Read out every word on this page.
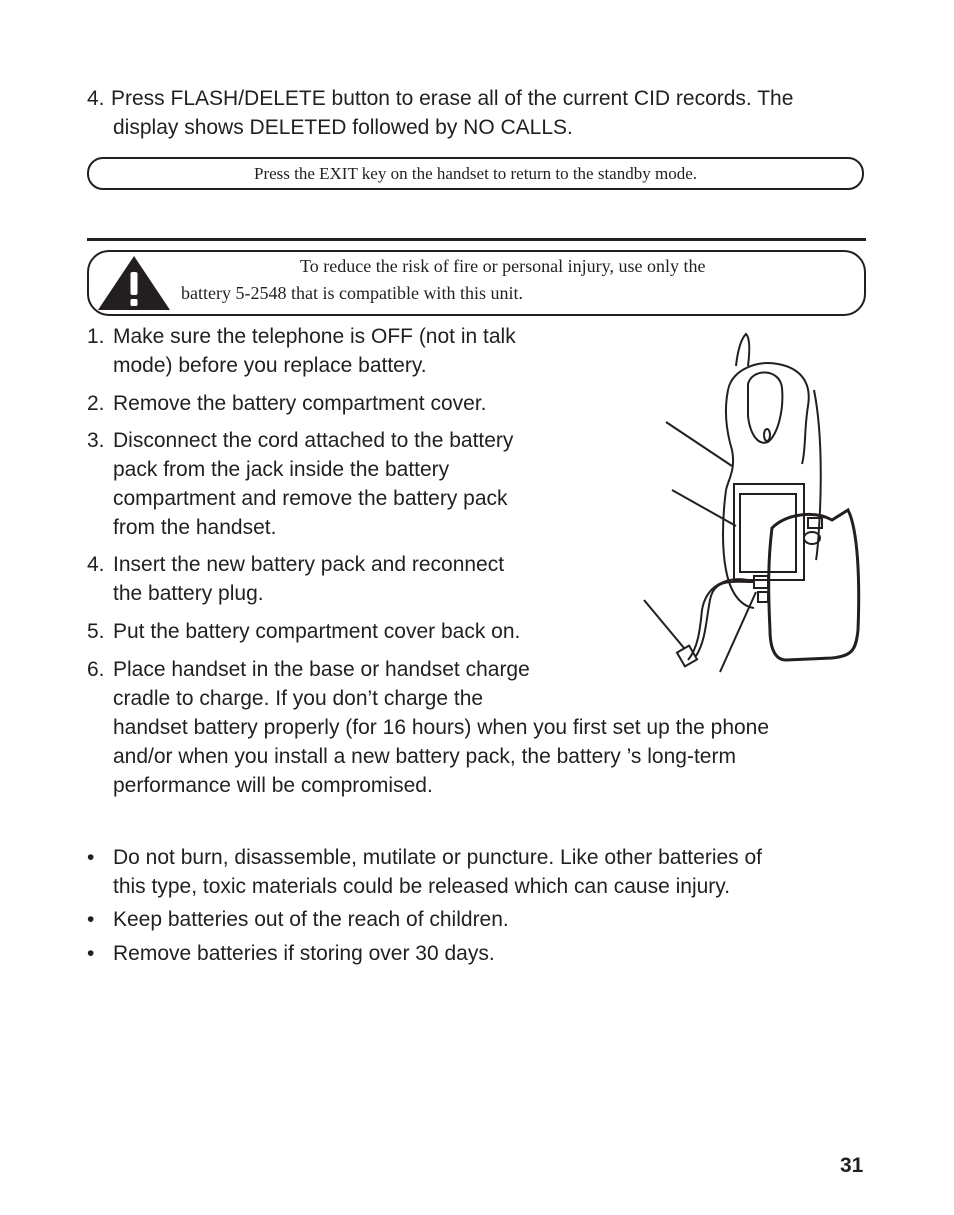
4. Press FLASH/DELETE button to erase all of the current CID records. The
display shows DELETED followed by NO CALLS.
Press the EXIT key on the handset to return to the standby mode.
To reduce the risk of fire or personal injury, use only the
battery 5-2548 that is compatible with this unit.
1. Make sure the telephone is OFF (not in talk
mode) before you replace battery.
2. Remove the battery compartment cover.
3. Disconnect the cord attached to the battery
pack from the jack inside the battery
compartment and remove the battery pack
from the handset.
4. Insert the new battery pack and reconnect
the battery plug.
5. Put the battery compartment cover back on.
6. Place handset in the base or handset charge
cradle to charge. If you don’t charge the
handset battery properly (for 16 hours) when you first set up the phone
and/or when you install a new battery pack, the battery ’s long-term
performance will be compromised.
• Do not burn, disassemble, mutilate or puncture. Like other batteries of
this type, toxic materials could be released which can cause injury.
• Keep batteries out of the reach of children.
• Remove batteries if storing over 30 days.
31
